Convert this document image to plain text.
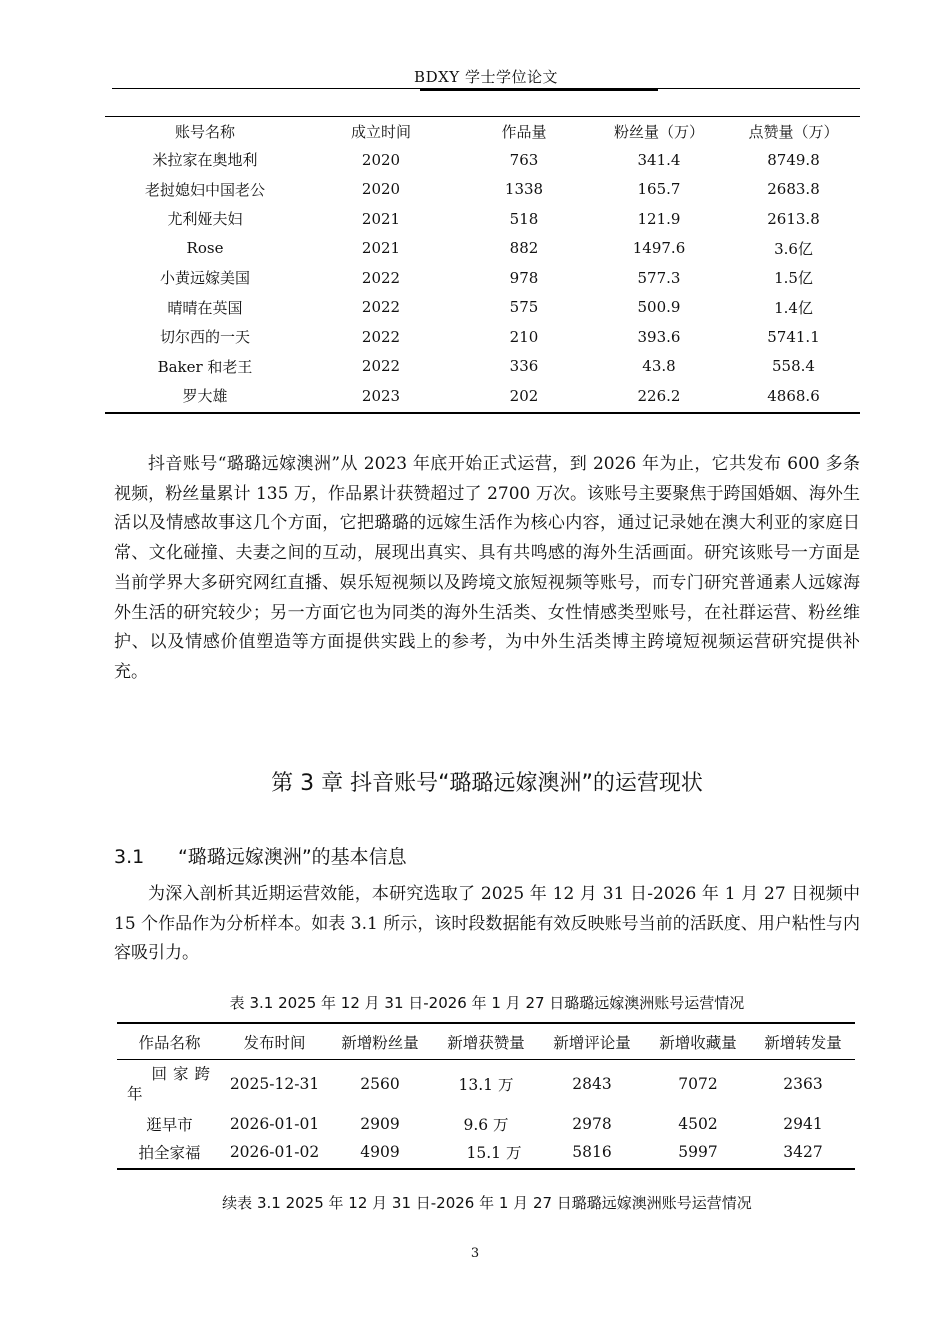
BDXY 学士学位论文
账号名称	成立时间	作品量	粉丝量（万）	点赞量（万）
米拉家在奥地利	2020	763	341.4	8749.8
老挝媳妇中国老公	2020	1338	165.7	2683.8
尤利娅夫妇	2021	518	121.9	2613.8
Rose	2021	882	1497.6	3.6亿
小黄远嫁美国	2022	978	577.3	1.5亿
晴晴在英国	2022	575	500.9	1.4亿
切尔西的一天	2022	210	393.6	5741.1
Baker 和老王	2022	336	43.8	558.4
罗大雄	2023	202	226.2	4868.6

抖音账号“璐璐远嫁澳洲”从 2023 年底开始正式运营，到 2026 年为止，它共发布 600 多条视频，粉丝量累计 135 万，作品累计获赞超过了 2700 万次。该账号主要聚焦于跨国婚姻、海外生活以及情感故事这几个方面，它把璐璐的远嫁生活作为核心内容，通过记录她在澳大利亚的家庭日常、文化碰撞、夫妻之间的互动，展现出真实、具有共鸣感的海外生活画面。研究该账号一方面是当前学界大多研究网红直播、娱乐短视频以及跨境文旅短视频等账号，而专门研究普通素人远嫁海外生活的研究较少；另一方面它也为同类的海外生活类、女性情感类型账号，在社群运营、粉丝维护、以及情感价值塑造等方面提供实践上的参考，为中外生活类博主跨境短视频运营研究提供补充。

第 3 章 抖音账号“璐璐远嫁澳洲”的运营现状
3.1 “璐璐远嫁澳洲”的基本信息

为深入剖析其近期运营效能，本研究选取了 2025 年 12 月 31 日-2026 年 1 月 27 日视频中 15 个作品作为分析样本。如表 3.1 所示，该时段数据能有效反映账号当前的活跃度、用户粘性与内容吸引力。

表 3.1 2025 年 12 月 31 日-2026 年 1 月 27 日璐璐远嫁澳洲账号运营情况
作品名称	发布时间	新增粉丝量	新增获赞量	新增评论量	新增收藏量	新增转发量

回家跨
年	2025-12-31	2560	13.1 万	2843	7072	2363
逛早市	2026-01-01	2909	9.6 万	2978	4502	2941
拍全家福	2026-01-02	4909	15.1 万	5816	5997	3427
续表 3.1 2025 年 12 月 31 日-2026 年 1 月 27 日璐璐远嫁澳洲账号运营情况
3
